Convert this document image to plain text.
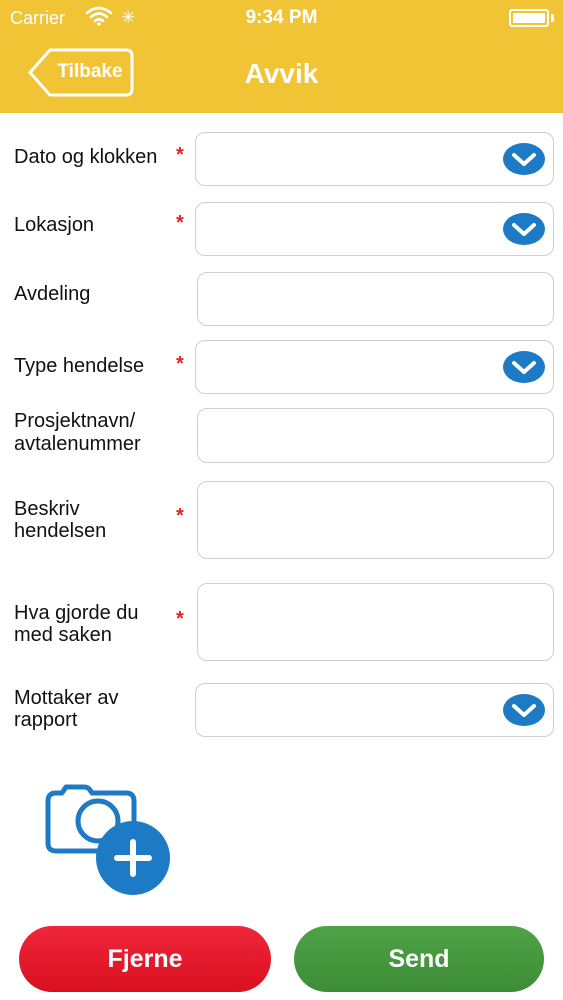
Carrier	✳	9:34 PM
Tilbake	Avvik
Dato og klokken *
Lokasjon	*
Avdeling
Type hendelse *
Prosjektnavn/
avtalenummer
Beskriv
hendelsen
*
Hva gjorde du
med saken
*
Mottaker av
rapport
Fjerne	Send
